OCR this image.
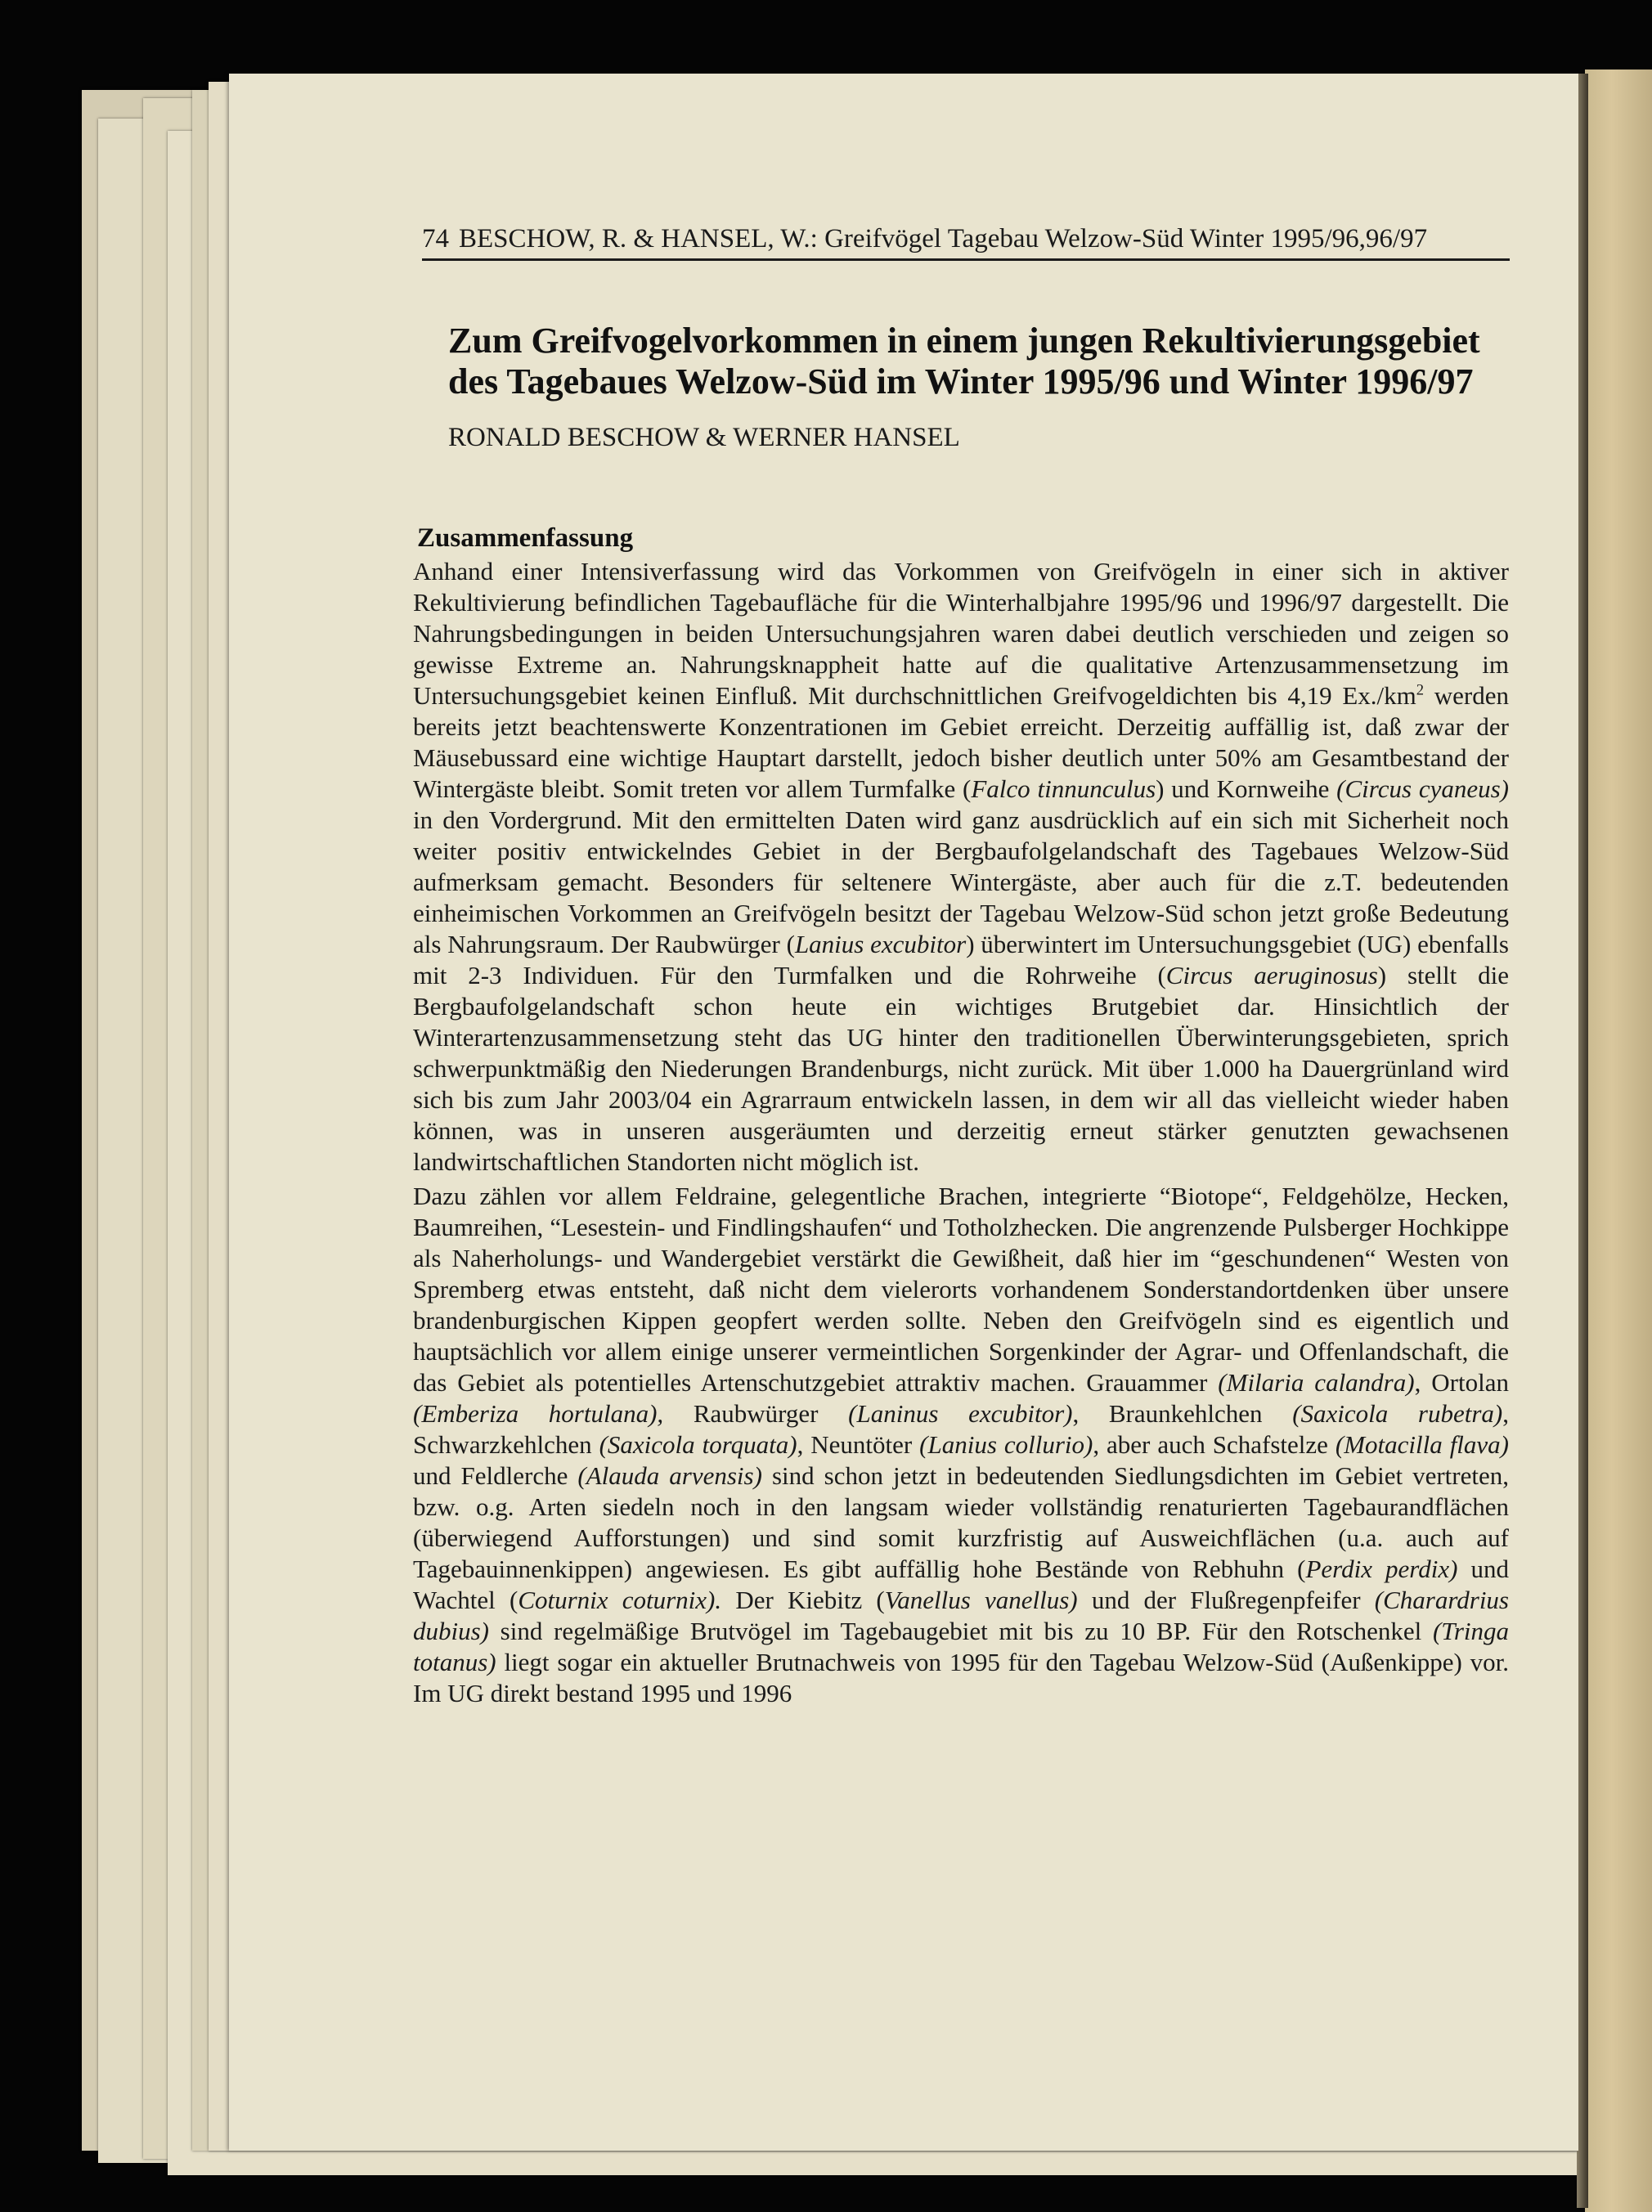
74 BESCHOW, R. & HANSEL, W.: Greifvögel Tagebau Welzow-Süd Winter 1995/96,96/97
Zum Greifvogelvorkommen in einem jungen Rekultivierungsgebiet des Tagebaues Welzow-Süd im Winter 1995/96 und Winter 1996/97
RONALD BESCHOW & WERNER HANSEL
Zusammenfassung

Anhand einer Intensiverfassung wird das Vorkommen von Greifvögeln in einer sich in aktiver Rekultivierung befindlichen Tagebaufläche für die Winterhalbjahre 1995/96 und 1996/97 dargestellt. Die Nahrungsbedingungen in beiden Untersuchungsjahren waren dabei deutlich verschieden und zeigen so gewisse Extreme an. Nahrungsknappheit hatte auf die qualitative Artenzusammensetzung im Untersuchungsgebiet keinen Einfluß. Mit durchschnittlichen Greifvogeldichten bis 4,19 $Ex./km^2$ werden bereits jetzt beachtenswerte Konzentrationen im Gebiet erreicht. Derzeitig auffällig ist, daß zwar der Mäusebussard eine wichtige Hauptart darstellt, jedoch bisher deutlich unter 50% am Gesamtbestand der Wintergäste bleibt. Somit treten vor allem Turmfalke (Falco tinnunculus) und Kornweihe (Circus cyaneus) in den Vordergrund. Mit den ermittelten Daten wird ganz ausdrücklich auf ein sich mit Sicherheit noch weiter positiv entwickelndes Gebiet in der Bergbaufolgelandschaft des Tagebaues Welzow-Süd aufmerksam gemacht. Besonders für seltenere Wintergäste, aber auch für die z.T. bedeutenden einheimischen Vorkommen an Greifvögeln besitzt der Tagebau Welzow-Süd schon jetzt große Bedeutung als Nahrungsraum. Der Raubwürger (Lanius excubitor) überwintert im Untersuchungsgebiet (UG) ebenfalls mit 2-3 Individuen. Für den Turmfalken und die Rohrweihe (Circus aeruginosus) stellt die Bergbaufolgelandschaft schon heute ein wichtiges Brutgebiet dar. Hinsichtlich der Winterartenzusammensetzung steht das UG hinter den traditionellen Überwinterungsgebieten, sprich schwerpunktmäßig den Niederungen Brandenburgs, nicht zurück. Mit über 1.000 ha Dauergrünland wird sich bis zum Jahr 2003/04 ein Agrarraum entwickeln lassen, in dem wir all das vielleicht wieder haben können, was in unseren ausgeräumten und derzeitig erneut stärker genutzten gewachsenen landwirtschaftlichen Standorten nicht möglich ist.

Dazu zählen vor allem Feldraine, gelegentliche Brachen, integrierte “Biotope“, Feldgehölze, Hecken, Baumreihen, “Lesestein- und Findlingshaufen“ und Totholzhecken. Die angrenzende Pulsberger Hochkippe als Naherholungs- und Wandergebiet verstärkt die Gewißheit, daß hier im “geschundenen“ Westen von Spremberg etwas entsteht, daß nicht dem vielerorts vorhandenem Sonderstandortdenken über unsere brandenburgischen Kippen geopfert werden sollte. Neben den Greifvögeln sind es eigentlich und hauptsächlich vor allem einige unserer vermeintlichen Sorgenkinder der Agrar- und Offenlandschaft, die das Gebiet als potentielles Artenschutzgebiet attraktiv machen. Grauammer (Milaria calandra), Ortolan (Emberiza hortulana), Raubwürger (Laninus excubitor), Braunkehlchen (Saxicola rubetra), Schwarzkehlchen (Saxicola torquata), Neuntöter (Lanius collurio), aber auch Schafstelze (Motacilla flava) und Feldlerche (Alauda arvensis) sind schon jetzt in bedeutenden Siedlungsdichten im Gebiet vertreten, bzw. o.g. Arten siedeln noch in den langsam wieder vollständig renaturierten Tagebaurandflächen (überwiegend Aufforstungen) und sind somit kurzfristig auf Ausweichflächen (u.a. auch auf Tagebauinnenkippen) angewiesen. Es gibt auffällig hohe Bestände von Rebhuhn (Perdix perdix) und Wachtel (Coturnix coturnix). Der Kiebitz (Vanellus vanellus) und der Flußregenpfeifer (Charardrius dubius) sind regelmäßige Brutvögel im Tagebaugebiet mit bis zu 10 BP. Für den Rotschenkel (Tringa totanus) liegt sogar ein aktueller Brutnachweis von 1995 für den Tagebau Welzow-Süd (Außenkippe) vor. Im UG direkt bestand 1995 und 1996
